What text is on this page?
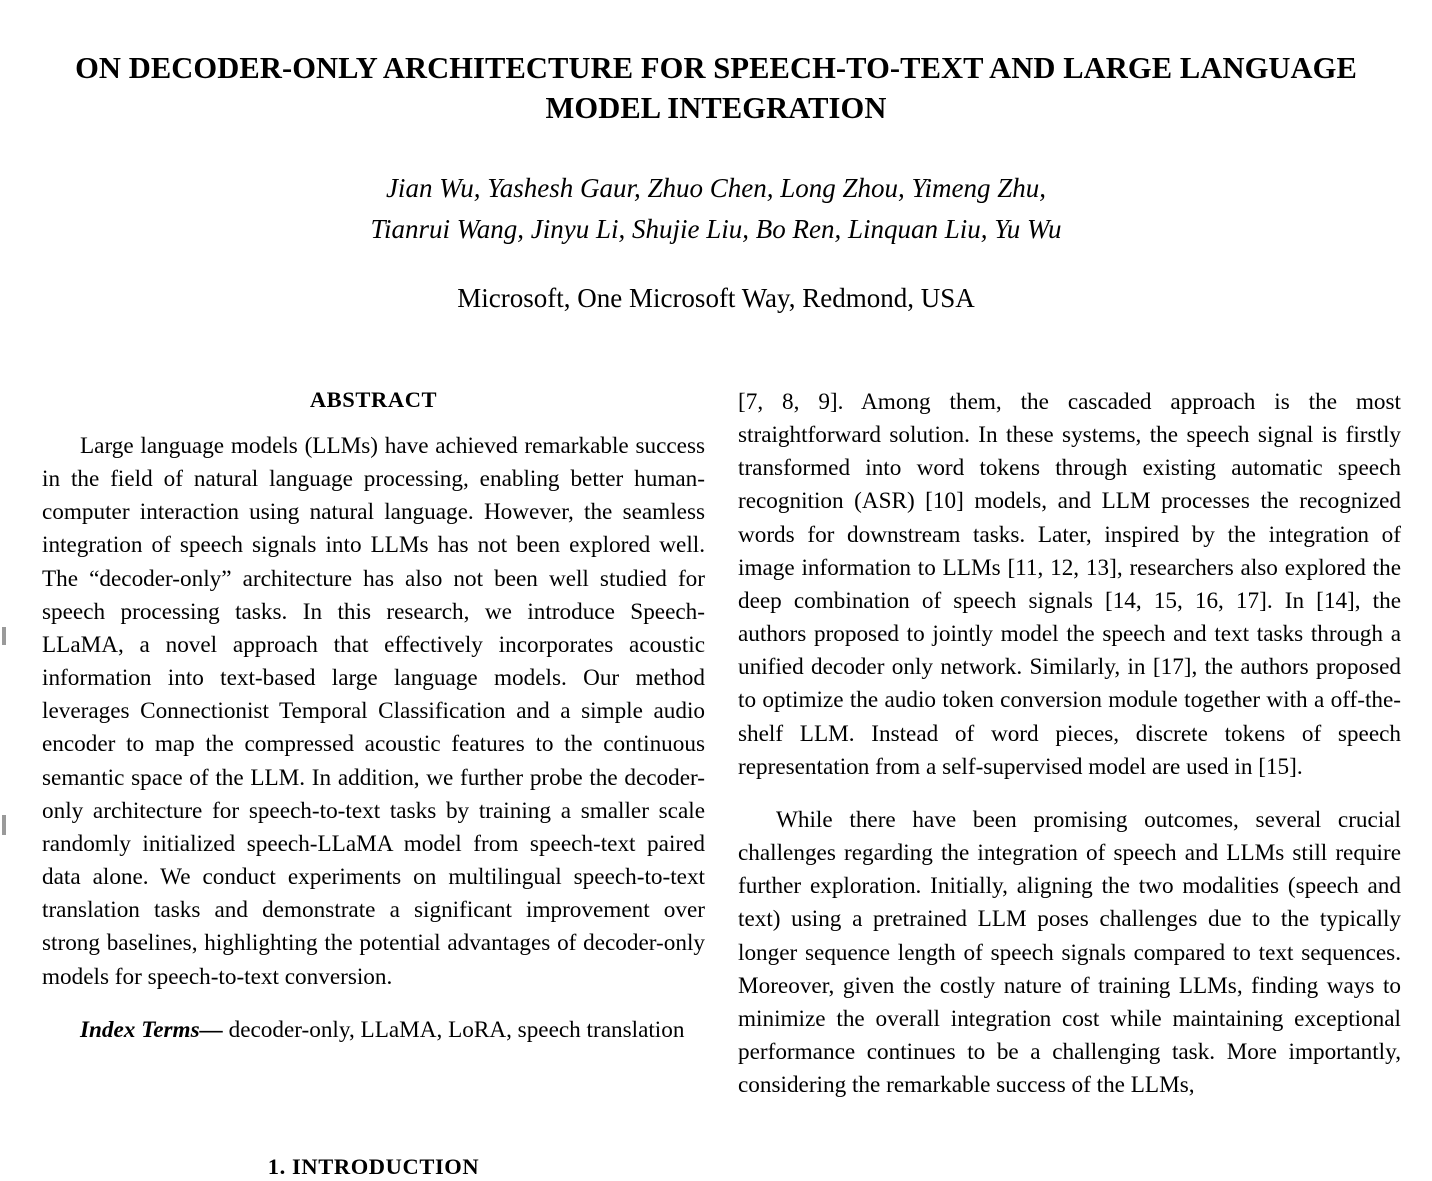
ON DECODER-ONLY ARCHITECTURE FOR SPEECH-TO-TEXT AND LARGE LANGUAGE MODEL INTEGRATION
Jian Wu, Yashesh Gaur, Zhuo Chen, Long Zhou, Yimeng Zhu,
Tianrui Wang, Jinyu Li, Shujie Liu, Bo Ren, Linquan Liu, Yu Wu
Microsoft, One Microsoft Way, Redmond, USA
ABSTRACT

Large language models (LLMs) have achieved remarkable success in the field of natural language processing, enabling better human-computer interaction using natural language. However, the seamless integration of speech signals into LLMs has not been explored well. The “decoder-only” architecture has also not been well studied for speech processing tasks. In this research, we introduce Speech-LLaMA, a novel approach that effectively incorporates acoustic information into text-based large language models. Our method leverages Connectionist Temporal Classification and a simple audio encoder to map the compressed acoustic features to the continuous semantic space of the LLM. In addition, we further probe the decoder-only architecture for speech-to-text tasks by training a smaller scale randomly initialized speech-LLaMA model from speech-text paired data alone. We conduct experiments on multilingual speech-to-text translation tasks and demonstrate a significant improvement over strong baselines, highlighting the potential advantages of decoder-only models for speech-to-text conversion.

Index Terms— decoder-only, LLaMA, LoRA, speech translation

1. INTRODUCTION

[7, 8, 9]. Among them, the cascaded approach is the most straightforward solution. In these systems, the speech signal is firstly transformed into word tokens through existing automatic speech recognition (ASR) [10] models, and LLM processes the recognized words for downstream tasks. Later, inspired by the integration of image information to LLMs [11, 12, 13], researchers also explored the deep combination of speech signals [14, 15, 16, 17]. In [14], the authors proposed to jointly model the speech and text tasks through a unified decoder only network. Similarly, in [17], the authors proposed to optimize the audio token conversion module together with a off-the-shelf LLM. Instead of word pieces, discrete tokens of speech representation from a self-supervised model are used in [15].

While there have been promising outcomes, several crucial challenges regarding the integration of speech and LLMs still require further exploration. Initially, aligning the two modalities (speech and text) using a pretrained LLM poses challenges due to the typically longer sequence length of speech signals compared to text sequences. Moreover, given the costly nature of training LLMs, finding ways to minimize the overall integration cost while maintaining exceptional performance continues to be a challenging task. More importantly, considering the remarkable success of the LLMs,
